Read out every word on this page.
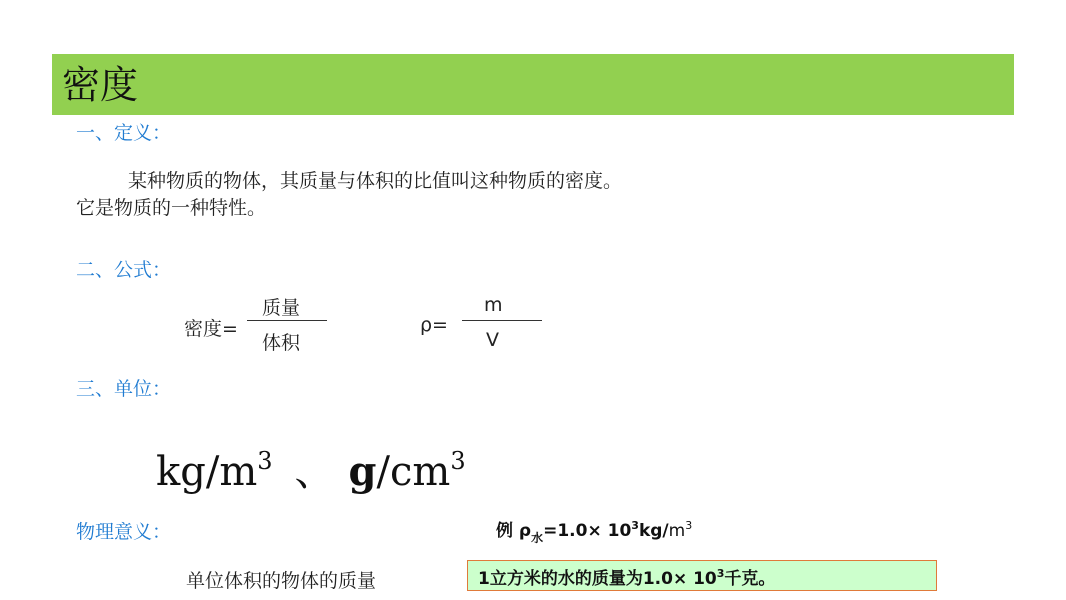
密度
一、定义：
某种物质的物体，其质量与体积的比值叫这种物质的密度。
它是物质的一种特性。
二、公式：
密度=
质量
体积
ρ=
m
V
三、单位：
$kg/m^3$ 、 $g/cm^3$
物理意义：
单位体积的物体的质量
例 $\rho_水=1.0\times 10^3kg/m^3$
1立方米的水的质量为$1.0\times 10^3$千克。
